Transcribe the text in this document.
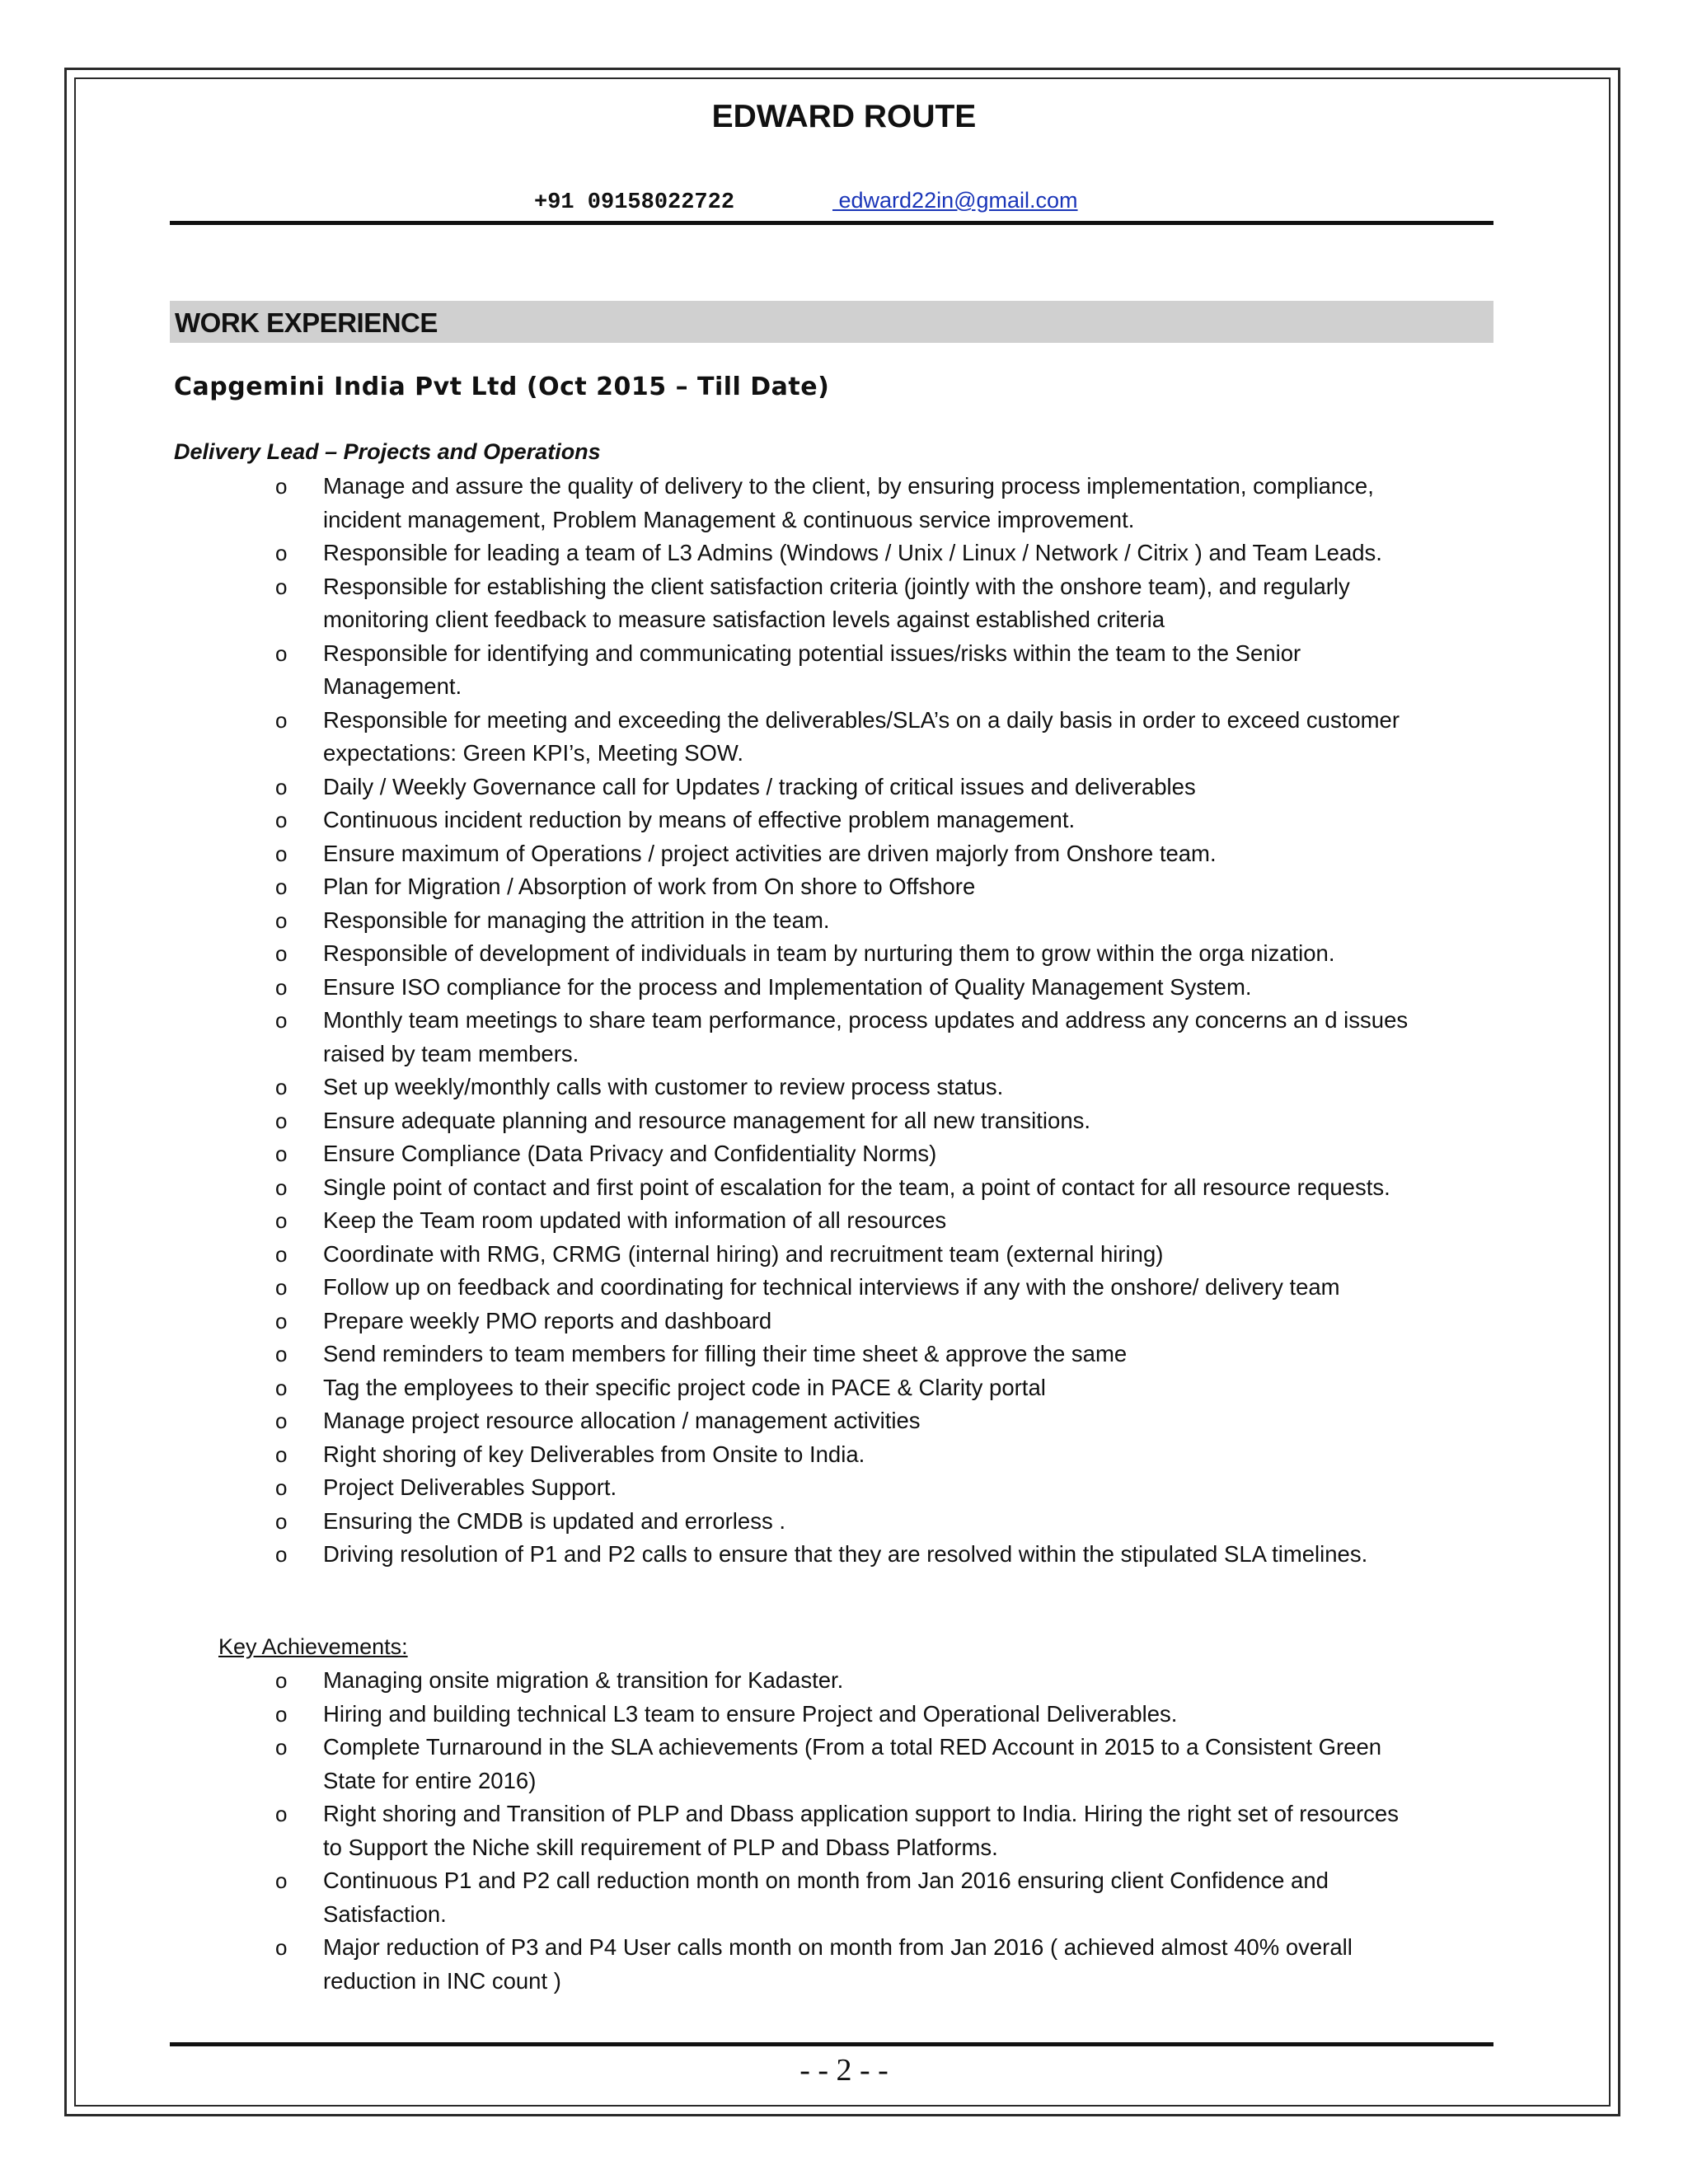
EDWARD ROUTE
+91 09158022722	edward22in@gmail.com
WORK EXPERIENCE
Capgemini India Pvt Ltd (Oct 2015 – Till Date)
Delivery Lead – Projects and Operations
o Manage and assure the quality of delivery to the client, by ensuring process implementation, compliance,
incident management, Problem Management & continuous service improvement.
o Responsible for leading a team of L3 Admins (Windows / Unix / Linux / Network / Citrix ) and Team Leads.
o Responsible for establishing the client satisfaction criteria (jointly with the onshore team), and regularly
monitoring client feedback to measure satisfaction levels against established criteria
o Responsible for identifying and communicating potential issues/risks within the team to the Senior
Management.
o Responsible for meeting and exceeding the deliverables/SLA’s on a daily basis in order to exceed customer
expectations: Green KPI’s, Meeting SOW.
o Daily / Weekly Governance call for Updates / tracking of critical issues and deliverables
o Continuous incident reduction by means of effective problem management.
o Ensure maximum of Operations / project activities are driven majorly from Onshore team.
o Plan for Migration / Absorption of work from On shore to Offshore
o Responsible for managing the attrition in the team.
o Responsible of development of individuals in team by nurturing them to grow within the orga nization.
o Ensure ISO compliance for the process and Implementation of Quality Management System.
o Monthly team meetings to share team performance, process updates and address any concerns an d issues
raised by team members.
o Set up weekly/monthly calls with customer to review process status.
o Ensure adequate planning and resource management for all new transitions.
o Ensure Compliance (Data Privacy and Confidentiality Norms)
o Single point of contact and first point of escalation for the team, a point of contact for all resource requests.
o Keep the Team room updated with information of all resources
o Coordinate with RMG, CRMG (internal hiring) and recruitment team (external hiring)
o Follow up on feedback and coordinating for technical interviews if any with the onshore/ delivery team
o Prepare weekly PMO reports and dashboard
o Send reminders to team members for filling their time sheet & approve the same
o Tag the employees to their specific project code in PACE & Clarity portal
o Manage project resource allocation / management activities
o Right shoring of key Deliverables from Onsite to India.
o Project Deliverables Support.
o Ensuring the CMDB is updated and errorless .
o Driving resolution of P1 and P2 calls to ensure that they are resolved within the stipulated SLA timelines.
Key Achievements:
o Managing onsite migration & transition for Kadaster.
o Hiring and building technical L3 team to ensure Project and Operational Deliverables.
o Complete Turnaround in the SLA achievements (From a total RED Account in 2015 to a Consistent Green
State for entire 2016)
o Right shoring and Transition of PLP and Dbass application support to India. Hiring the right set of resources
to Support the Niche skill requirement of PLP and Dbass Platforms.
o Continuous P1 and P2 call reduction month on month from Jan 2016 ensuring client Confidence and
Satisfaction.
o Major reduction of P3 and P4 User calls month on month from Jan 2016 ( achieved almost 40% overall
reduction in INC count )
- - 2 - -
